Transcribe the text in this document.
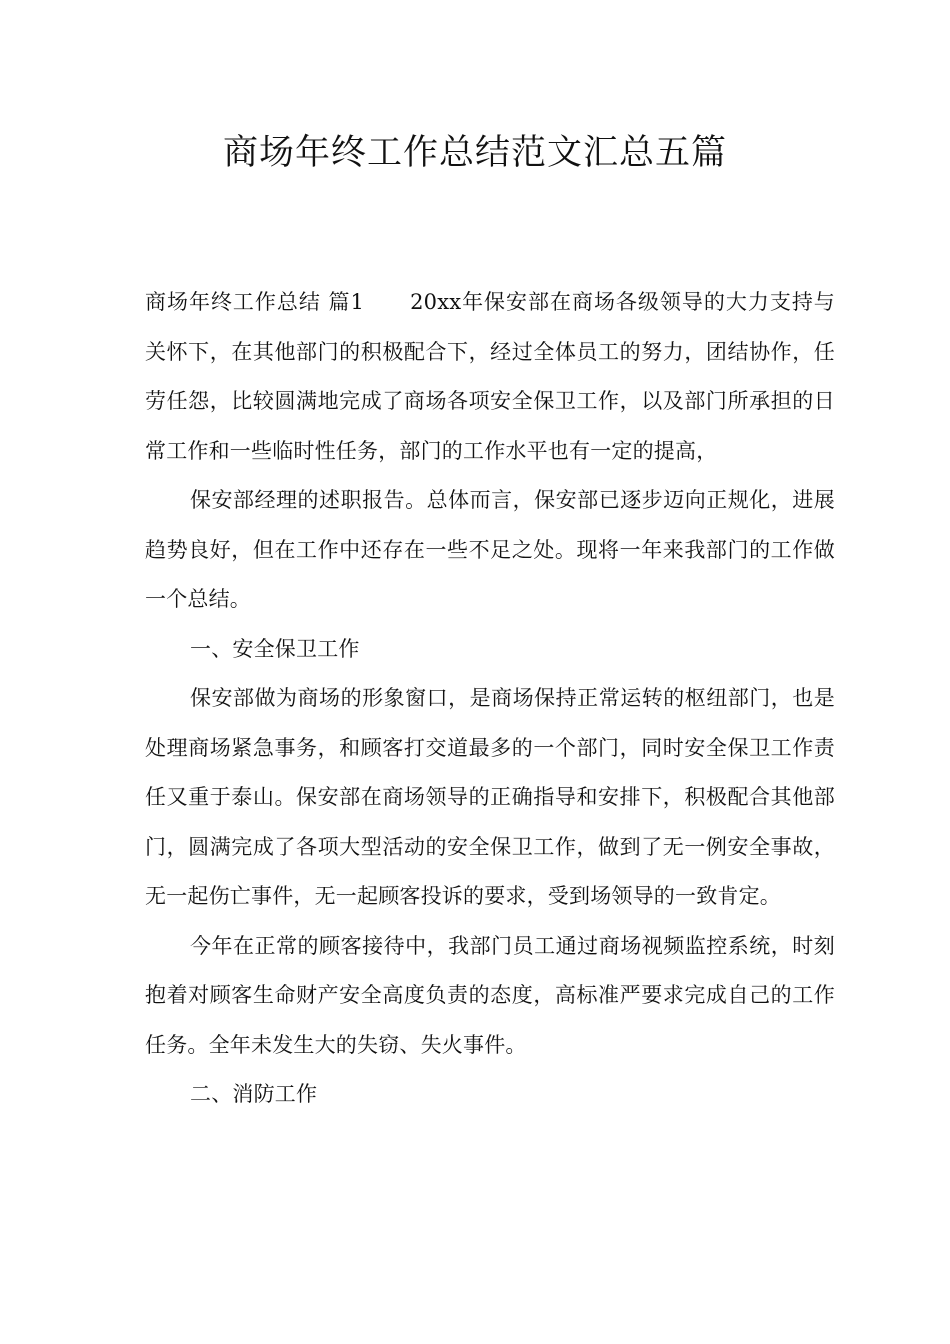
商场年终工作总结范文汇总五篇

商场年终工作总结 篇1 20xx年保安部在商场各级领导的大力支持与关怀下，在其他部门的积极配合下，经过全体员工的努力，团结协作，任劳任怨，比较圆满地完成了商场各项安全保卫工作，以及部门所承担的日常工作和一些临时性任务，部门的工作水平也有一定的提高，

保安部经理的述职报告。总体而言，保安部已逐步迈向正规化，进展趋势良好，但在工作中还存在一些不足之处。现将一年来我部门的工作做一个总结。

一、安全保卫工作

保安部做为商场的形象窗口，是商场保持正常运转的枢纽部门，也是处理商场紧急事务，和顾客打交道最多的一个部门，同时安全保卫工作责任又重于泰山。保安部在商场领导的正确指导和安排下，积极配合其他部门，圆满完成了各项大型活动的安全保卫工作，做到了无一例安全事故，无一起伤亡事件，无一起顾客投诉的要求，受到场领导的一致肯定。

今年在正常的顾客接待中，我部门员工通过商场视频监控系统，时刻抱着对顾客生命财产安全高度负责的态度，高标准严要求完成自己的工作任务。全年未发生大的失窃、失火事件。

二、消防工作
